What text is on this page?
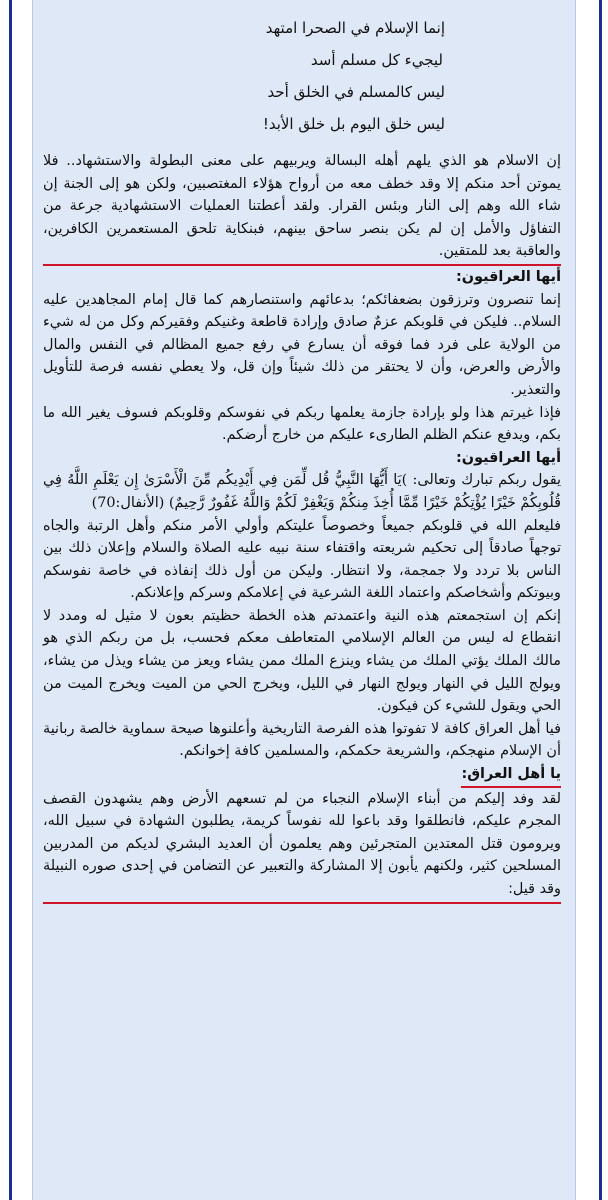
إنما الإسلام في الصحرا امتهد
ليجيء كل مسلم أسد
ليس كالمسلم في الخلق أحد
ليس خلق اليوم بل خلق الأبد!

إن الاسلام هو الذي يلهم أهله البسالة ويربيهم على معنى البطولة والاستشهاد.. فلا يموتن أحد منكم إلا وقد خطف معه من أرواح هؤلاء المغتصبين، ولكن هو إلى الجنة إن شاء الله وهم إلى النار وبئس القرار. ولقد أعطتنا العمليات الاستشهادية جرعة من التفاؤل والأمل إن لم يكن بنصر ساحق بينهم، فبنكاية تلحق المستعمرين الكافرين، والعاقبة بعد للمتقين.

أيها العراقيون:

إنما تنصرون وترزقون بضعفائكم؛ بدعائهم واستنصارهم كما قال إمام المجاهدين عليه السلام.. فليكن في قلوبكم عزمٌ صادق وإرادة قاطعة وغنيكم وفقيركم وكل من له شيء من الولاية على فرد فما فوقه أن يسارع في رفع جميع المظالم في النفس والمال والأرض والعرض، وأن لا يحتقر من ذلك شيئاً وإن قل، ولا يعطي نفسه فرصة للتأويل والتعذير.

فإذا غيرتم هذا ولو بإرادة جازمة يعلمها ربكم في نفوسكم وقلوبكم فسوف يغير الله ما بكم، ويدفع عنكم الظلم الطارىء عليكم من خارج أرضكم.

أيها العراقيون:

يقول ربكم تبارك وتعالى: )يَا أَيُّهَا النَّبِيُّ قُل لِّمَن فِي أَيْدِيكُم مِّنَ الْأَسْرَىٰ إِن يَعْلَمِ اللَّهُ فِي قُلُوبِكُمْ خَيْرًا يُؤْتِكُمْ خَيْرًا مِّمَّا أُخِذَ مِنكُمْ وَيَغْفِرْ لَكُمْ وَاللَّهُ غَفُورٌ رَّحِيمٌ) (الأنفال:70)

فليعلم الله في قلوبكم جميعاً وخصوصاً عليتكم وأولي الأمر منكم وأهل الرتبة والجاه توجهاً صادقاً إلى تحكيم شريعته واقتفاء سنة نبيه عليه الصلاة والسلام وإعلان ذلك بين الناس بلا تردد ولا جمجمة، ولا انتظار. وليكن من أول ذلك إنفاذه في خاصة نفوسكم وبيوتكم وأشخاصكم واعتماد اللغة الشرعية في إعلامكم وسركم وإعلانكم.

إنكم إن استجمعتم هذه النية واعتمدتم هذه الخطة حظيتم بعون لا مثيل له ومدد لا انقطاع له ليس من العالم الإسلامي المتعاطف معكم فحسب، بل من ربكم الذي هو مالك الملك يؤتي الملك من يشاء وينزع الملك ممن يشاء ويعز من يشاء ويذل من يشاء، ويولج الليل في النهار ويولج النهار في الليل، ويخرج الحي من الميت ويخرج الميت من الحي ويقول للشيء كن فيكون.

فيا أهل العراق كافة لا تفوتوا هذه الفرصة التاريخية وأعلنوها صيحة سماوية خالصة ربانية أن الإسلام منهجكم، والشريعة حكمكم، والمسلمين كافة إخوانكم.

يا أهل العراق:

لقد وفد إليكم من أبناء الإسلام النجباء من لم تسعهم الأرض وهم يشهدون القصف المجرم عليكم، فانطلقوا وقد باعوا لله نفوساً كريمة، يطلبون الشهادة في سبيل الله، ويرومون قتل المعتدين المتجرئين وهم يعلمون أن العديد البشري لديكم من المدربين المسلحين كثير، ولكنهم يأبون إلا المشاركة والتعبير عن التضامن في إحدى صوره النبيلة وقد قيل:
